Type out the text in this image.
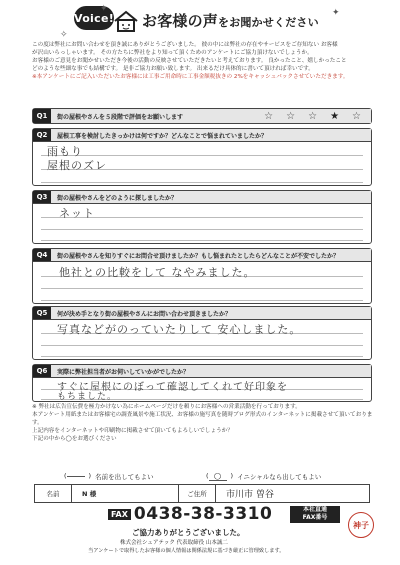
Voice! お客様の声をお聞かせください
✦	✦
✧

この度は弊社にお問い合わせを頂き誠にありがとうございました。 彼の中には弊社の存在やサービスをご存知ない お客様

が沢山いらっしゃいます。 その方たちに弊社をより知って頂くためのアンケートにご協力頂けないでしょうか。

お客様のご意見をお聞かせいただき今後の活動の反映させていただきたいと考えております。 良かったこと、嬉しかったこと

どのような些細な事でも結構です。 是非ご協力お願い致します。 出来るだけ具体的に書いて頂ければ幸いです。

※本アンケートにご記入いただいたお客様には工事ご用命時に工事金額税抜きの 2%をキャッシュバックさせていただきます。

Q1	街の屋根やさんを５段階で評価をお願いします	☆ ☆ ☆ ★ ☆
Q2	屋根工事を検討したきっかけは何ですか？どんなことで悩まれていましたか？
雨もり
屋根のズレ
Q3	街の屋根やさんをどのように探しましたか？
ネット
Q4	街の屋根やさんを知りすぐにお問合せ頂けましたか？もし悩まれたとしたらどんなことが不安でしたか？
他社との比較をして なやみました。
Q5	何が決め手となり街の屋根やさんにお問い合わせ頂きましたか？
写真などがのっていたりして 安心しました。
Q6	実際に弊社担当者がお伺いしていかがでしたか？
すぐに屋根にのぼって確認してくれて好印象を
もちました。

※ 弊社は広告宣伝費を極力かけない為にホームページだけを頼りにお客様への営業活動を行っております。

本アンケート用紙またはお客様宅の調査風景や施工状況、お客様の施写真を随時ブログ形式のインターネットに掲載させて頂いております。

上記内容をインターネットや印刷物に掲載させて頂いてもよろしいでしょうか？

下記の中から◯をお選びください

(	) 名前を出してもよい	( ◯	) イニシャルなら出してもよい
名前	N 様	ご住所	市川市 曽谷
FAX 0438-38-3310	本社直通
FAX番号
ご協力ありがとうございました。
株式会社シェアテック 代表取締役 山本誠二
当アンケートで取得したお客様の個人情報は関係法規に基づき厳正に管理致します。
神子
